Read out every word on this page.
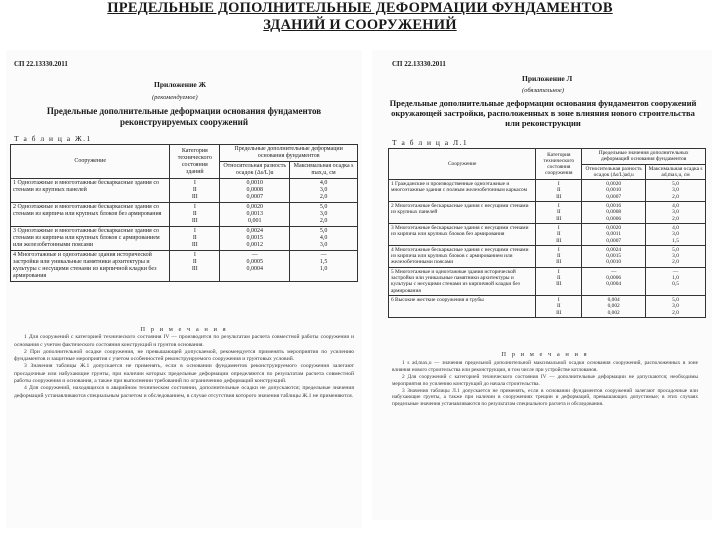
ПРЕДЕЛЬНЫЕ ДОПОЛНИТЕЛЬНЫЕ ДЕФОРМАЦИИ ФУНДАМЕНТОВ
ЗДАНИЙ И СООРУЖЕНИЙ
СП 22.13330.2011
Приложение Ж
(рекомендуемое)
Предельные дополнительные деформации основания фундаментов реконструируемых сооружений
Т а б л и ц а Ж.1
Сооружение	Категория технического состояния зданий	Предельные дополнительные деформации основания фундаментов	
		Относительная разность осадок (Δs/L)u	Максимальная осадка s max,u, см
1 Одноэтажные и многоэтажные бескаркасные здания со стенами из крупных панелей	I
II
III	0,0010
0,0008
0,0007	4,0
3,0
2,0

2 Одноэтажные и многоэтажные бескаркасные здания со стенами из кирпича или крупных блоков без армирования	I
II
III	0,0020
0,0013
0,001	5,0
3,0
2,0

3 Одноэтажные и многоэтажные бескаркасные здания со стенами из кирпича или крупных блоков с армированием или железобетонными поясами	I
II
III	0,0024
0,0015
0,0012	5,0
4,0
3,0

4 Многоэтажные и одноэтажные здания исторической застройки или уникальные памятники архитектуры и культуры с несущими стенами из кирпичной кладки без армирования	I
II
III	—
0,0005
0,0004	—
1,5
1,0
П р и м е ч а н и я

1 Для сооружений с категорией технического состояния IV — производится по результатам расчета совместной работы сооружения и основания с учетом фактического состояния конструкций и грунтов основания.

2 При дополнительной осадке сооружения, не превышающей допускаемой, рекомендуется применять мероприятия по усилению фундаментов и защитные мероприятия с учетом особенностей реконструируемого сооружения и грунтовых условий.

3 Значения таблицы Ж.1 допускается не применять, если в основании фундаментов реконструируемого сооружения залегают просадочные или набухающие грунты, при наличии которых предельные деформации определяются по результатам расчета совместной работы сооружения и основания, а также при выполнении требований по ограничению деформаций конструкций.

4 Для сооружений, находящихся в аварийном техническом состоянии, дополнительные осадки не допускаются; предельные значения деформаций устанавливаются специальным расчетом и обследованием, в случае отсутствия которого значения таблицы Ж.1 не применяются.

СП 22.13330.2011
Приложение Л
(обязательное)
Предельные дополнительные деформации основания фундаментов сооружений окружающей застройки, расположенных в зоне влияния нового строительства или реконструкции
Т а б л и ц а Л.1
Сооружение	Категория технического состояния сооружения	Предельные значения дополнительных деформаций основания фундаментов	
		Относительная разность осадок (Δs/L)ad,u	Максимальная осадка s ad,max,u, см
1 Гражданские и производственные одноэтажные и многоэтажные здания с полным железобетонным каркасом	I
II
III	0,0020
0,0010
0,0007	5,0
3,0
2,0

2 Многоэтажные бескаркасные здания с несущими стенами из крупных панелей	I
II
III	0,0016
0,0008
0,0006	4,0
3,0
2,0

3 Многоэтажные бескаркасные здания с несущими стенами из кирпича или крупных блоков без армирования	I
II
III	0,0020
0,0011
0,0007	4,0
3,0
1,5

4 Многоэтажные бескаркасные здания с несущими стенами из кирпича или крупных блоков с армированием или железобетонными поясами	I
II
III	0,0024
0,0015
0,0010	5,0
3,0
2,0

5 Многоэтажные и одноэтажные здания исторической застройки или уникальные памятники архитектуры и культуры с несущими стенами из кирпичной кладки без армирования	I
II
III	—
0,0006
0,0004	—
1,0
0,5

6 Высокие жесткие сооружения и трубы	I
II
III	0,004
0,002
0,002	5,0
3,0
2,0
П р и м е ч а н и я

1 s ad,max,u — значения предельной дополнительной максимальной осадки основания сооружений, расположенных в зоне влияния нового строительства или реконструкции, в том числе при устройстве котлованов.

2 Для сооружений с категорией технического состояния IV — дополнительные деформации не допускаются; необходимы мероприятия по усилению конструкций до начала строительства.

3 Значения таблицы Л.1 допускается не применять, если в основании фундаментов сооружений залегают просадочные или набухающие грунты, а также при наличии в сооружениях трещин и деформаций, превышающих допустимые; в этих случаях предельные значения устанавливаются по результатам специального расчета и обследования.
